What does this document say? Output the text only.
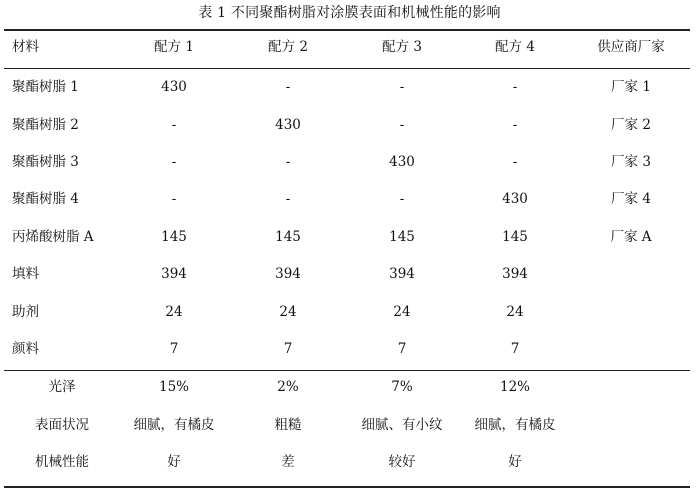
表 1 不同聚酯树脂对涂膜表面和机械性能的影响
材料	配方 1	配方 2	配方 3	配方 4	供应商厂家
聚酯树脂 1	430	-	-	-	厂家 1
聚酯树脂 2	-	430	-	-	厂家 2
聚酯树脂 3	-	-	430	-	厂家 3
聚酯树脂 4	-	-	-	430	厂家 4
丙烯酸树脂 A	145	145	145	145	厂家 A
填料	394	394	394	394
助剂	24	24	24	24
颜料	7	7	7	7
光泽	15%	2%	7%	12%
表面状况	细腻，有橘皮	粗糙	细腻、有小纹	细腻，有橘皮
机械性能	好	差	较好	好
